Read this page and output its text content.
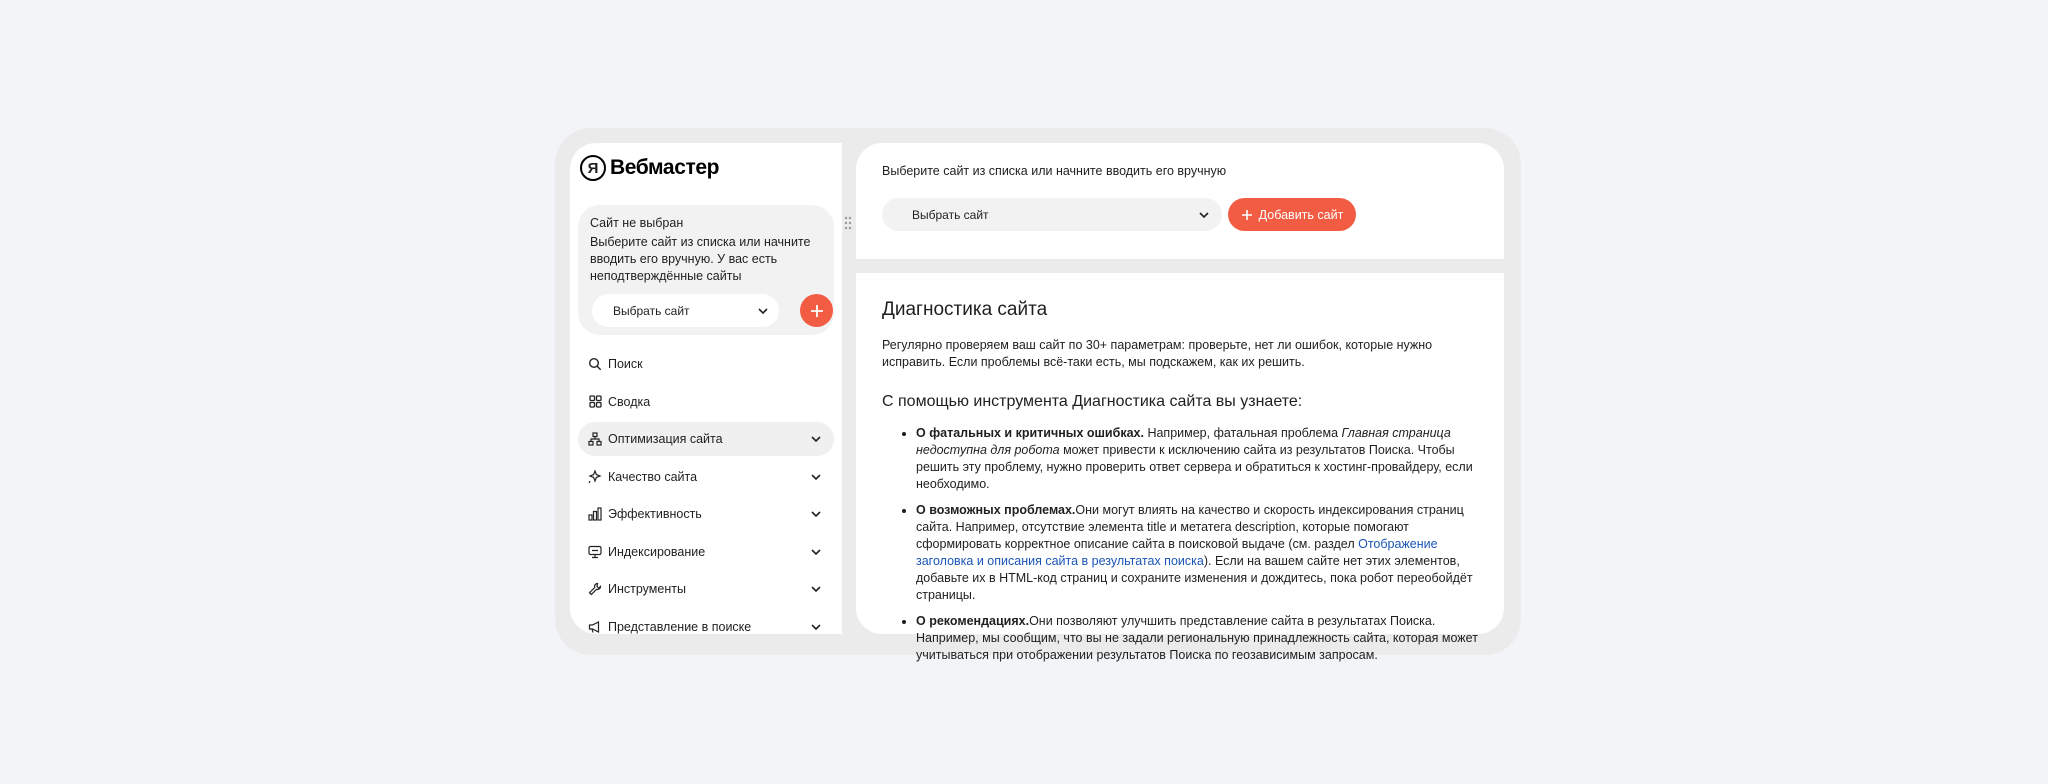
Я Вебмастер
Сайт не выбран
Выберите сайт из списка или начните вводить его вручную. У вас есть неподтверждённые сайты
Выбрать сайт
Поиск
Сводка
Оптимизация сайта
Качество сайта
Эффективность
Индексирование
Инструменты
Представление в поиске
Выберите сайт из списка или начните вводить его вручную
Выбрать сайт	Добавить сайт
Диагностика сайта

Регулярно проверяем ваш сайт по 30+ параметрам: проверьте, нет ли ошибок, которые нужно исправить. Если проблемы всё-таки есть, мы подскажем, как их решить.

С помощью инструмента Диагностика сайта вы узнаете:
• О фатальных и критичных ошибках. Например, фатальная проблема Главная страница недоступна для робота может привести к исключению сайта из результатов Поиска. Чтобы решить эту проблему, нужно проверить ответ сервера и обратиться к хостинг-провайдеру, если необходимо.
• О возможных проблемах.Они могут влиять на качество и скорость индексирования страниц сайта. Например, отсутствие элемента title и метатега description, которые помогают сформировать корректное описание сайта в поисковой выдаче (см. раздел Отображение заголовка и описания сайта в результатах поиска). Если на вашем сайте нет этих элементов, добавьте их в HTML-код страниц и сохраните изменения и дождитесь, пока робот переобойдёт страницы.
• О рекомендациях.Они позволяют улучшить представление сайта в результатах Поиска. Например, мы сообщим, что вы не задали региональную принадлежность сайта, которая может учитываться при отображении результатов Поиска по геозависимым запросам.
